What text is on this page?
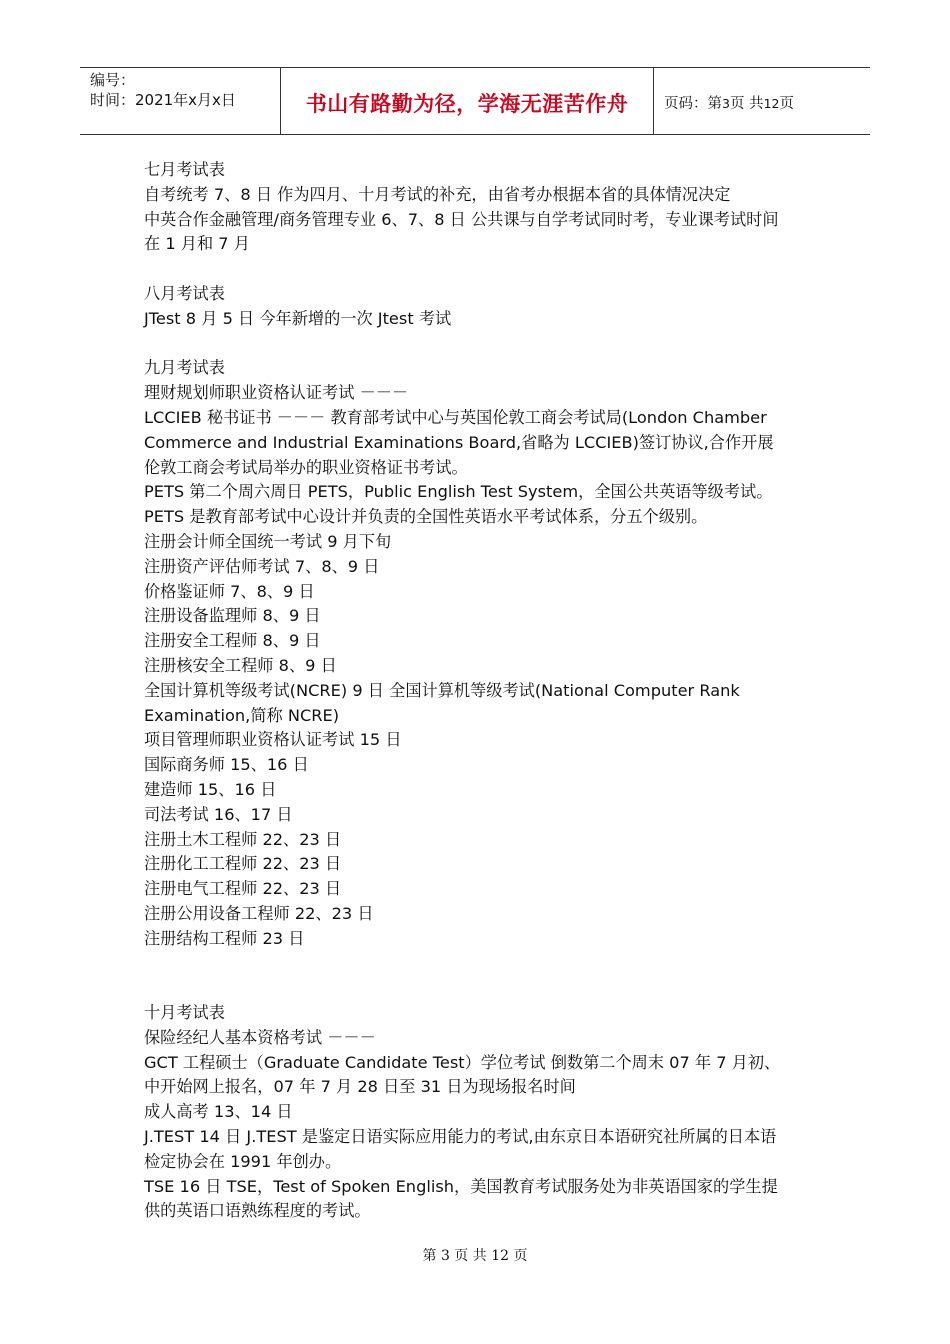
编号：
时间：2021年x月x日	书山有路勤为径，学海无涯苦作舟	页码：第3页 共12页
七月考试表
自考统考 7、8 日 作为四月、十月考试的补充，由省考办根据本省的具体情况决定
中英合作金融管理/商务管理专业 6、7、8 日 公共课与自学考试同时考，专业课考试时间
在 1 月和 7 月
八月考试表
JTest 8 月 5 日 今年新增的一次 Jtest 考试
九月考试表
理财规划师职业资格认证考试 －－－
LCCIEB 秘书证书 －－－ 教育部考试中心与英国伦敦工商会考试局(London Chamber
Commerce and Industrial Examinations Board,省略为 LCCIEB)签订协议,合作开展
伦敦工商会考试局举办的职业资格证书考试。
PETS 第二个周六周日 PETS，Public English Test System，全国公共英语等级考试。
PETS 是教育部考试中心设计并负责的全国性英语水平考试体系，分五个级别。
注册会计师全国统一考试 9 月下旬
注册资产评估师考试 7、8、9 日
价格鉴证师 7、8、9 日
注册设备监理师 8、9 日
注册安全工程师 8、9 日
注册核安全工程师 8、9 日
全国计算机等级考试(NCRE) 9 日 全国计算机等级考试(National Computer Rank
Examination,简称 NCRE)
项目管理师职业资格认证考试 15 日
国际商务师 15、16 日
建造师 15、16 日
司法考试 16、17 日
注册土木工程师 22、23 日
注册化工工程师 22、23 日
注册电气工程师 22、23 日
注册公用设备工程师 22、23 日
注册结构工程师 23 日
十月考试表
保险经纪人基本资格考试 －－－
GCT 工程硕士（Graduate Candidate Test）学位考试 倒数第二个周末 07 年 7 月初、
中开始网上报名，07 年 7 月 28 日至 31 日为现场报名时间
成人高考 13、14 日
J.TEST 14 日 J.TEST 是鉴定日语实际应用能力的考试,由东京日本语研究社所属的日本语
检定协会在 1991 年创办。
TSE 16 日 TSE，Test of Spoken English，美国教育考试服务处为非英语国家的学生提
供的英语口语熟练程度的考试。
第 3 页 共 12 页
